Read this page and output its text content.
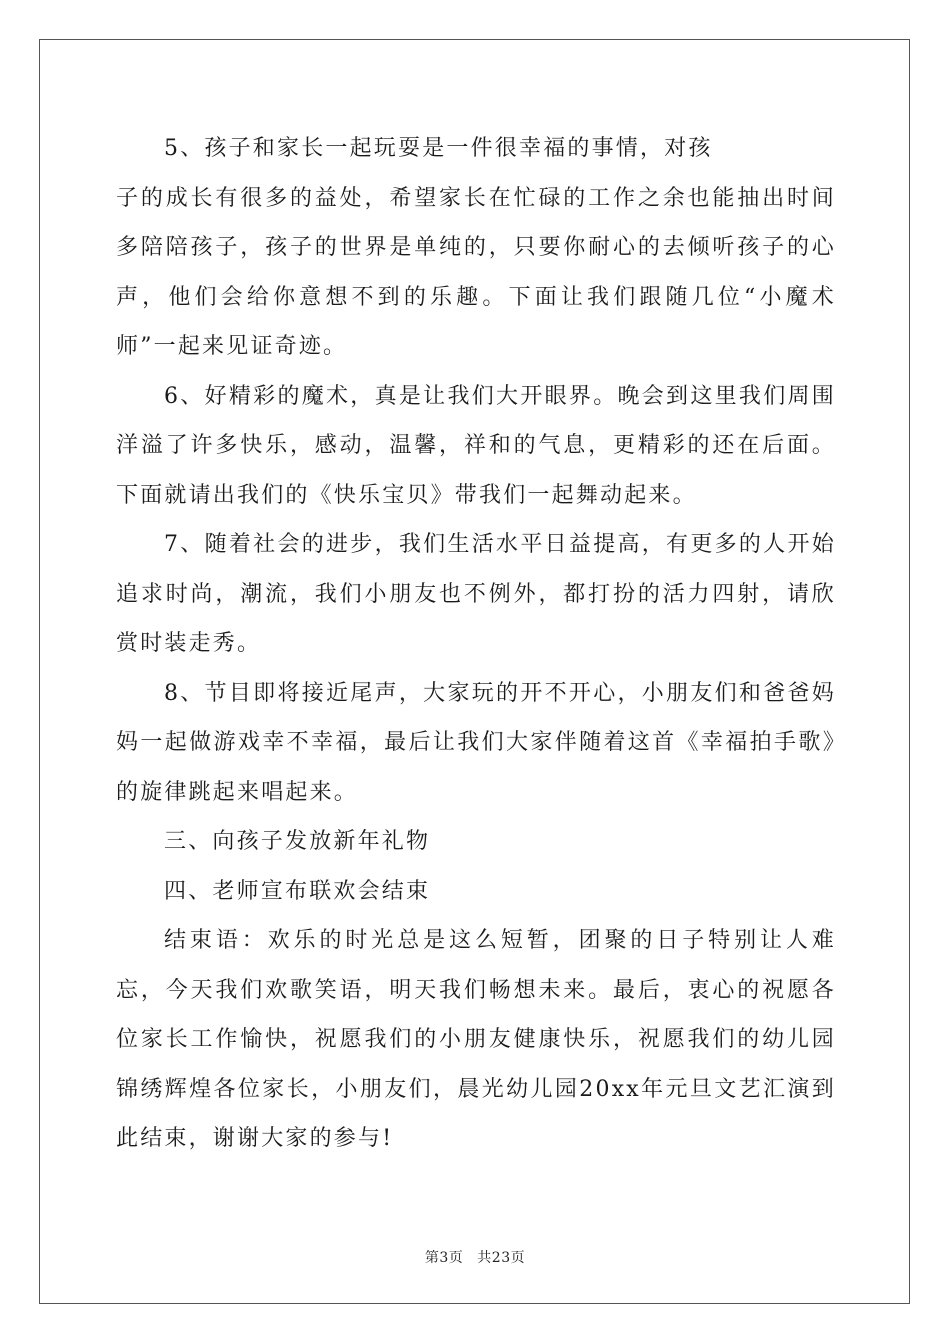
5、孩子和家长一起玩耍是一件很幸福的事情，对孩

子的成长有很多的益处，希望家长在忙碌的工作之余也能抽出时间多陪陪孩子，孩子的世界是单纯的，只要你耐心的去倾听孩子的心声，他们会给你意想不到的乐趣。下面让我们跟随几位“小魔术师”一起来见证奇迹。

6、好精彩的魔术，真是让我们大开眼界。晚会到这里我们周围洋溢了许多快乐，感动，温馨，祥和的气息，更精彩的还在后面。下面就请出我们的《快乐宝贝》带我们一起舞动起来。

7、随着社会的进步，我们生活水平日益提高，有更多的人开始追求时尚，潮流，我们小朋友也不例外，都打扮的活力四射，请欣赏时装走秀。

8、节目即将接近尾声，大家玩的开不开心，小朋友们和爸爸妈妈一起做游戏幸不幸福，最后让我们大家伴随着这首《幸福拍手歌》的旋律跳起来唱起来。

三、向孩子发放新年礼物

四、老师宣布联欢会结束

结束语：欢乐的时光总是这么短暂，团聚的日子特别让人难忘，今天我们欢歌笑语，明天我们畅想未来。最后，衷心的祝愿各位家长工作愉快，祝愿我们的小朋友健康快乐，祝愿我们的幼儿园锦绣辉煌各位家长，小朋友们，晨光幼儿园20xx年元旦文艺汇演到此结束，谢谢大家的参与!

第3页 共23页
